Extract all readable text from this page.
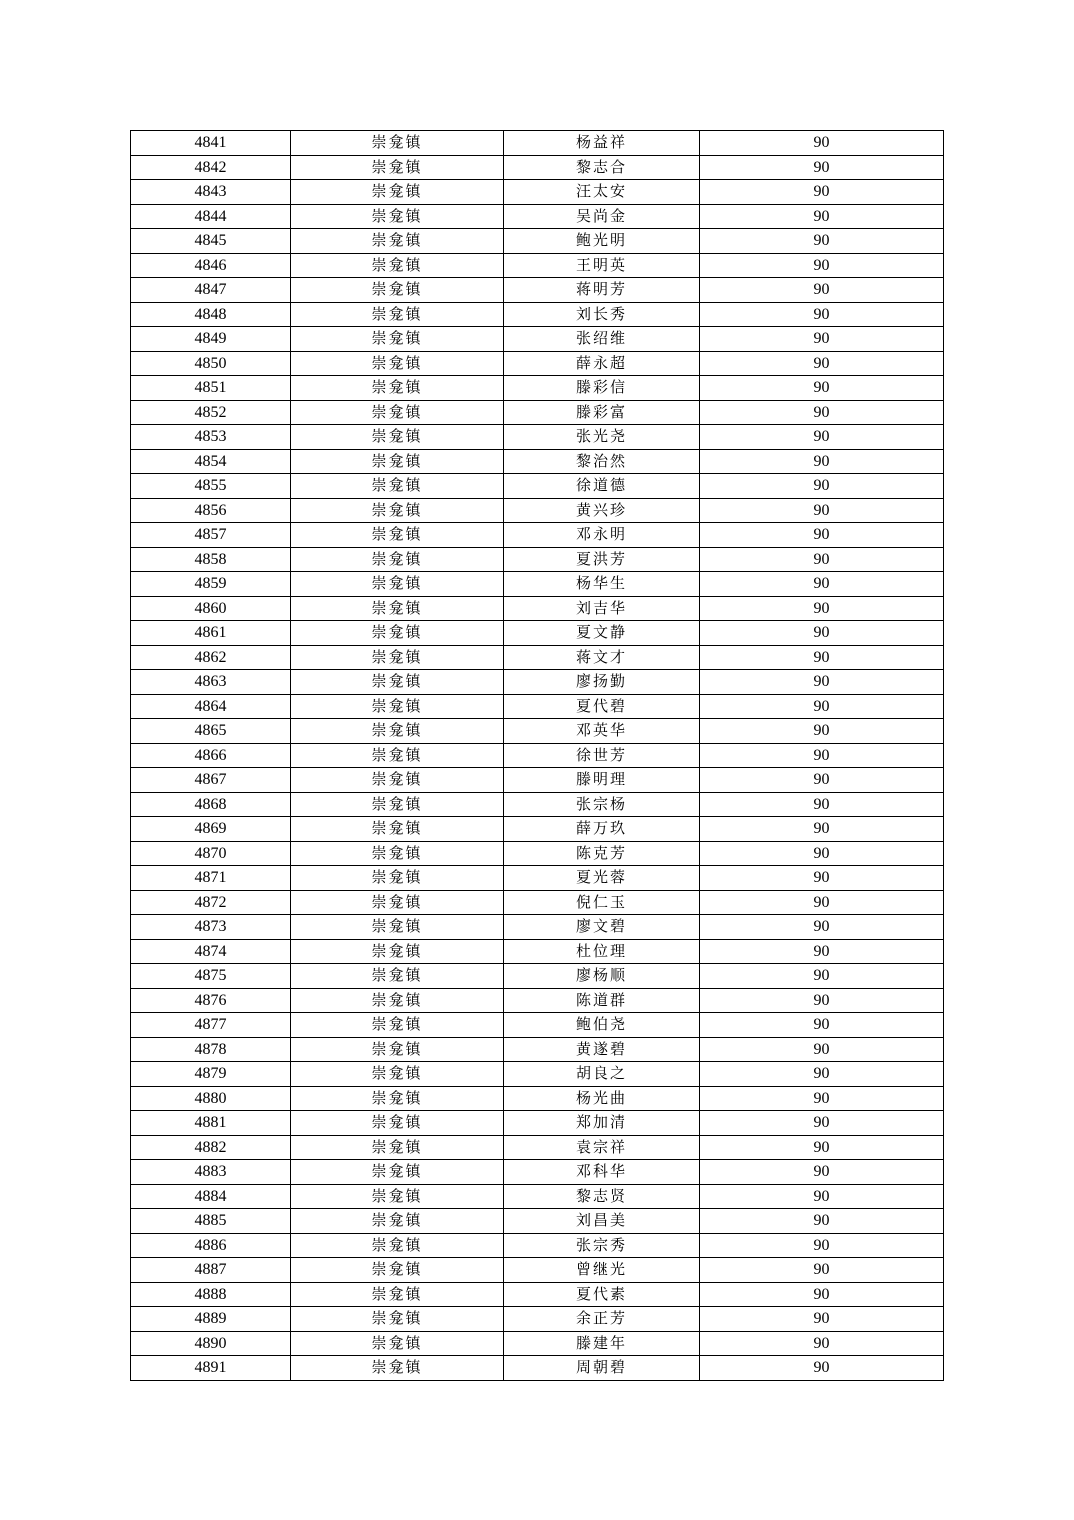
4841	崇龛镇	杨益祥	90
4842	崇龛镇	黎志合	90
4843	崇龛镇	汪太安	90
4844	崇龛镇	吴尚金	90
4845	崇龛镇	鲍光明	90
4846	崇龛镇	王明英	90
4847	崇龛镇	蒋明芳	90
4848	崇龛镇	刘长秀	90
4849	崇龛镇	张绍维	90
4850	崇龛镇	薛永超	90
4851	崇龛镇	滕彩信	90
4852	崇龛镇	滕彩富	90
4853	崇龛镇	张光尧	90
4854	崇龛镇	黎治然	90
4855	崇龛镇	徐道德	90
4856	崇龛镇	黄兴珍	90
4857	崇龛镇	邓永明	90
4858	崇龛镇	夏洪芳	90
4859	崇龛镇	杨华生	90
4860	崇龛镇	刘吉华	90
4861	崇龛镇	夏文静	90
4862	崇龛镇	蒋文才	90
4863	崇龛镇	廖扬勤	90
4864	崇龛镇	夏代碧	90
4865	崇龛镇	邓英华	90
4866	崇龛镇	徐世芳	90
4867	崇龛镇	滕明理	90
4868	崇龛镇	张宗杨	90
4869	崇龛镇	薛万玖	90
4870	崇龛镇	陈克芳	90
4871	崇龛镇	夏光蓉	90
4872	崇龛镇	倪仁玉	90
4873	崇龛镇	廖文碧	90
4874	崇龛镇	杜位理	90
4875	崇龛镇	廖杨顺	90
4876	崇龛镇	陈道群	90
4877	崇龛镇	鲍伯尧	90
4878	崇龛镇	黄遂碧	90
4879	崇龛镇	胡良之	90
4880	崇龛镇	杨光曲	90
4881	崇龛镇	郑加清	90
4882	崇龛镇	袁宗祥	90
4883	崇龛镇	邓科华	90
4884	崇龛镇	黎志贤	90
4885	崇龛镇	刘昌美	90
4886	崇龛镇	张宗秀	90
4887	崇龛镇	曾继光	90
4888	崇龛镇	夏代素	90
4889	崇龛镇	余正芳	90
4890	崇龛镇	滕建年	90
4891	崇龛镇	周朝碧	90
